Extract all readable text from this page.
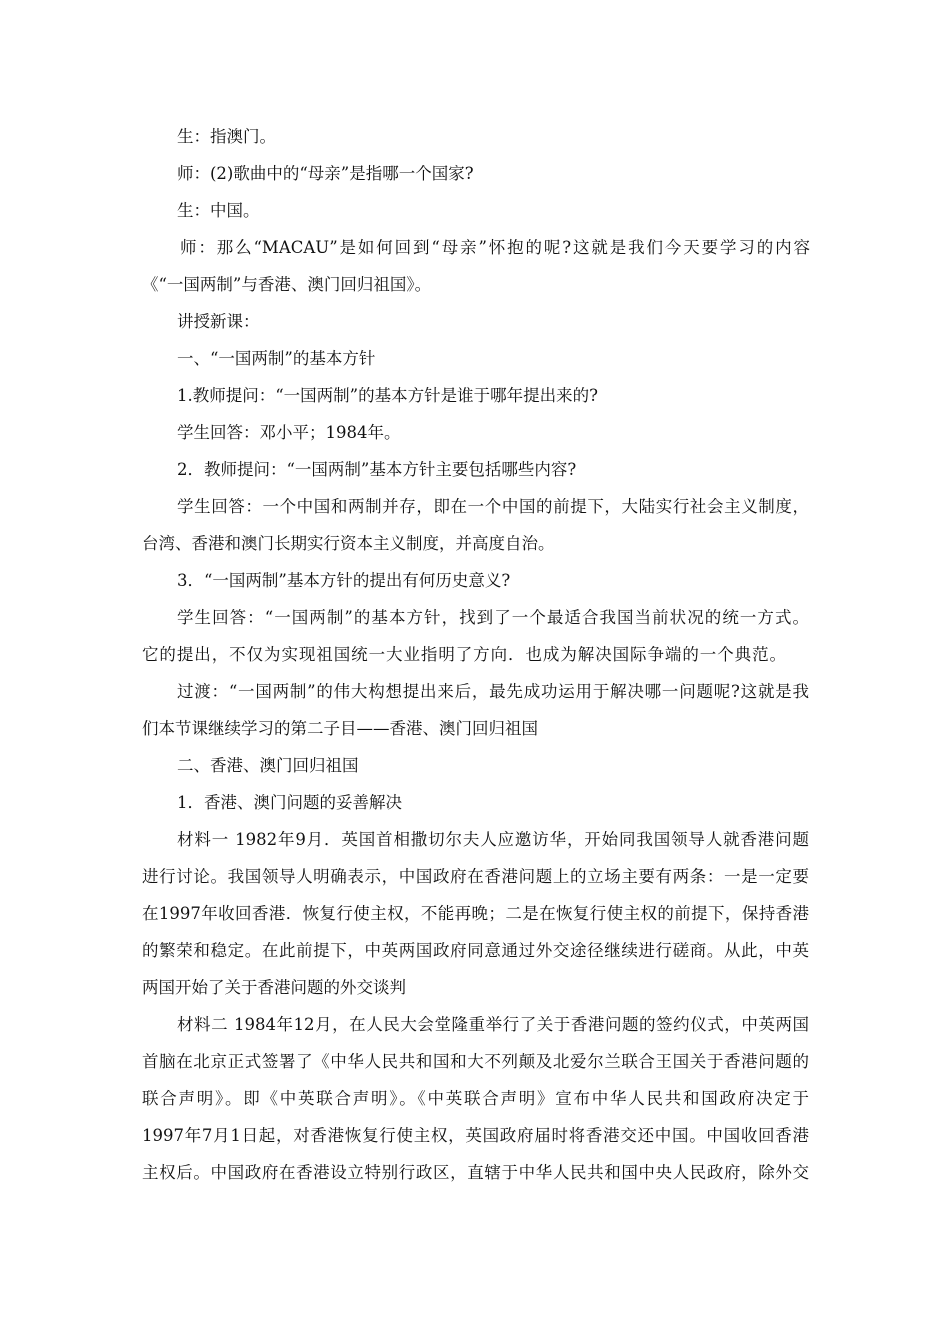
生：指澳门。
师：(2)歌曲中的“母亲”是指哪一个国家?
生：中国。
师：那么“MACAU”是如何回到“母亲”怀抱的呢?这就是我们今天要学习的内容
《“一国两制”与香港、澳门回归祖国》。
讲授新课：
一、“一国两制”的基本方针
1.教师提问：“一国两制”的基本方针是谁于哪年提出来的?
学生回答：邓小平；1984年。
2．教师提问：“一国两制”基本方针主要包括哪些内容?
学生回答：一个中国和两制并存，即在一个中国的前提下，大陆实行社会主义制度，
台湾、香港和澳门长期实行资本主义制度，并高度自治。
3．“一国两制”基本方针的提出有何历史意义?
学生回答：“一国两制”的基本方针，找到了一个最适合我国当前状况的统一方式。
它的提出，不仅为实现祖国统一大业指明了方向．也成为解决国际争端的一个典范。
过渡：“一国两制”的伟大构想提出来后，最先成功运用于解决哪一问题呢?这就是我
们本节课继续学习的第二子目——香港、澳门回归祖国
二、香港、澳门回归祖国
1．香港、澳门问题的妥善解决
材料一 1982年9月．英国首相撒切尔夫人应邀访华，开始同我国领导人就香港问题
进行讨论。我国领导人明确表示，中国政府在香港问题上的立场主要有两条：一是一定要
在1997年收回香港．恢复行使主权，不能再晚；二是在恢复行使主权的前提下，保持香港
的繁荣和稳定。在此前提下，中英两国政府同意通过外交途径继续进行磋商。从此，中英
两国开始了关于香港问题的外交谈判
材料二 1984年12月，在人民大会堂隆重举行了关于香港问题的签约仪式，中英两国
首脑在北京正式签署了《中华人民共和国和大不列颠及北爱尔兰联合王国关于香港问题的
联合声明》。即《中英联合声明》。《中英联合声明》宣布中华人民共和国政府决定于
1997年7月1日起，对香港恢复行使主权，英国政府届时将香港交还中国。中国收回香港
主权后。中国政府在香港设立特别行政区，直辖于中华人民共和国中央人民政府，除外交
